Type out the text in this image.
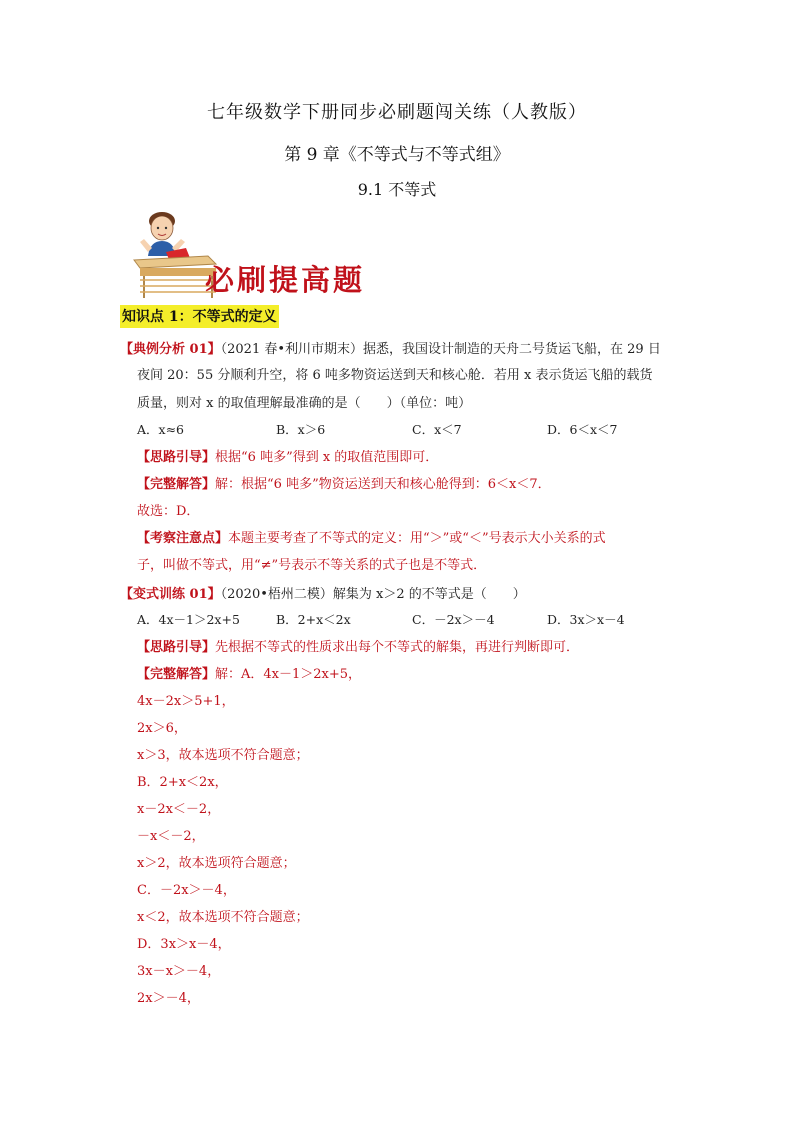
七年级数学下册同步必刷题闯关练（人教版）
第 9 章《不等式与不等式组》
9.1 不等式
必刷提高题
知识点 1：不等式的定义
【典例分析 01】（2021 春•利川市期末）据悉，我国设计制造的天舟二号货运飞船，在 29 日
夜间 20：55 分顺利升空，将 6 吨多物资运送到天和核心舱．若用 x 表示货运飞船的载货
质量，则对 x 的取值理解最准确的是（　　）（单位：吨）
A．x≈6	B．x＞6	C．x＜7	D．6＜x＜7
【思路引导】根据“6 吨多”得到 x 的取值范围即可．
【完整解答】解：根据“6 吨多”物资运送到天和核心舱得到：6＜x＜7．
故选：D．
【考察注意点】本题主要考查了不等式的定义：用“＞”或“＜”号表示大小关系的式
子，叫做不等式，用“≠”号表示不等关系的式子也是不等式．
【变式训练 01】（2020•梧州二模）解集为 x＞2 的不等式是（　　）
A．4x－1＞2x+5	B．2+x＜2x	C．－2x＞－4	D．3x＞x－4
【思路引导】先根据不等式的性质求出每个不等式的解集，再进行判断即可．
【完整解答】解：A．4x－1＞2x+5，
4x－2x＞5+1，
2x＞6，
x＞3，故本选项不符合题意；
B．2+x＜2x，
x－2x＜－2，
－x＜－2，
x＞2，故本选项符合题意；
C．－2x＞－4，
x＜2，故本选项不符合题意；
D．3x＞x－4，
3x－x＞－4，
2x＞－4，
